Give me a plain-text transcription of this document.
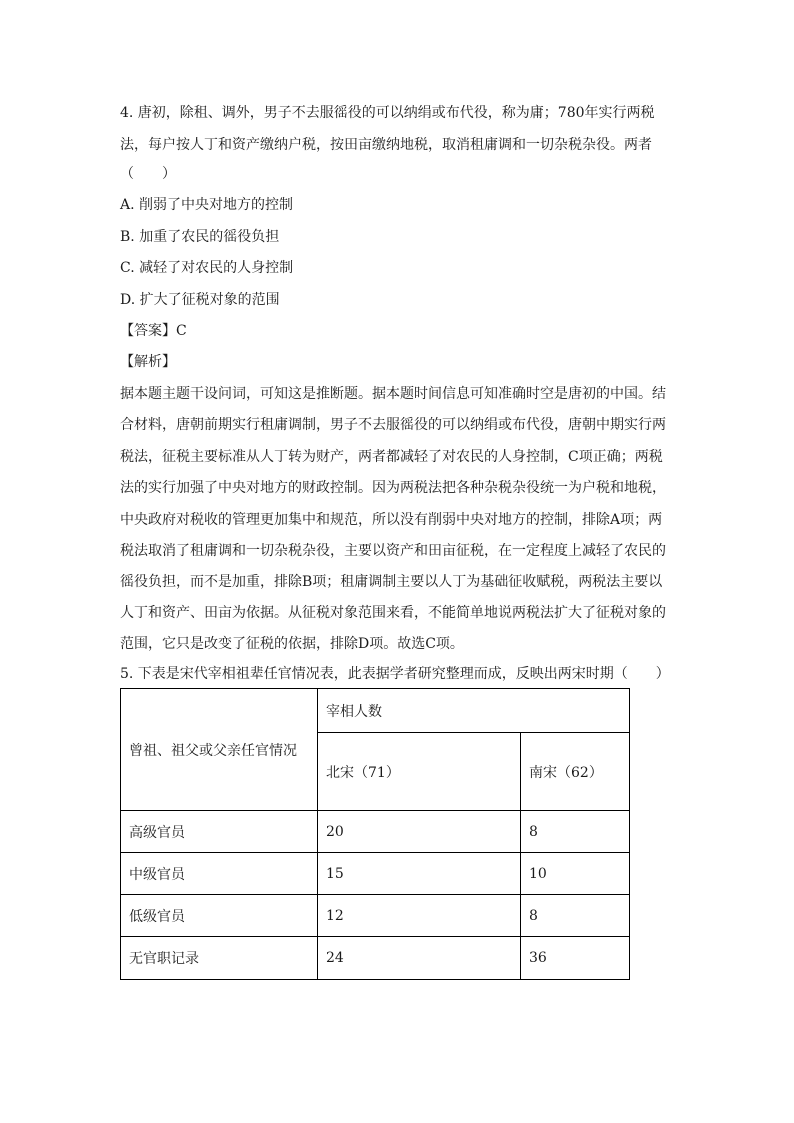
4. 唐初，除租、调外，男子不去服徭役的可以纳绢或布代役，称为庸；780年实行两税
法，每户按人丁和资产缴纳户税，按田亩缴纳地税，取消租庸调和一切杂税杂役。两者
（　　）
A. 削弱了中央对地方的控制
B. 加重了农民的徭役负担
C. 减轻了对农民的人身控制
D. 扩大了征税对象的范围
【答案】C
【解析】
据本题主题干设问词，可知这是推断题。据本题时间信息可知准确时空是唐初的中国。结
合材料，唐朝前期实行租庸调制，男子不去服徭役的可以纳绢或布代役，唐朝中期实行两
税法，征税主要标准从人丁转为财产，两者都减轻了对农民的人身控制，C项正确；两税
法的实行加强了中央对地方的财政控制。因为两税法把各种杂税杂役统一为户税和地税，
中央政府对税收的管理更加集中和规范，所以没有削弱中央对地方的控制，排除A项；两
税法取消了租庸调和一切杂税杂役，主要以资产和田亩征税，在一定程度上减轻了农民的
徭役负担，而不是加重，排除B项；租庸调制主要以人丁为基础征收赋税，两税法主要以
人丁和资产、田亩为依据。从征税对象范围来看，不能简单地说两税法扩大了征税对象的
范围，它只是改变了征税的依据，排除D项。故选C项。
5. 下表是宋代宰相祖辈任官情况表，此表据学者研究整理而成，反映出两宋时期（　　）
曾祖、祖父或父亲任官情况	宰相人数	
	北宋（71）	南宋（62）
高级官员	20	8
中级官员	15	10
低级官员	12	8
无官职记录	24	36
